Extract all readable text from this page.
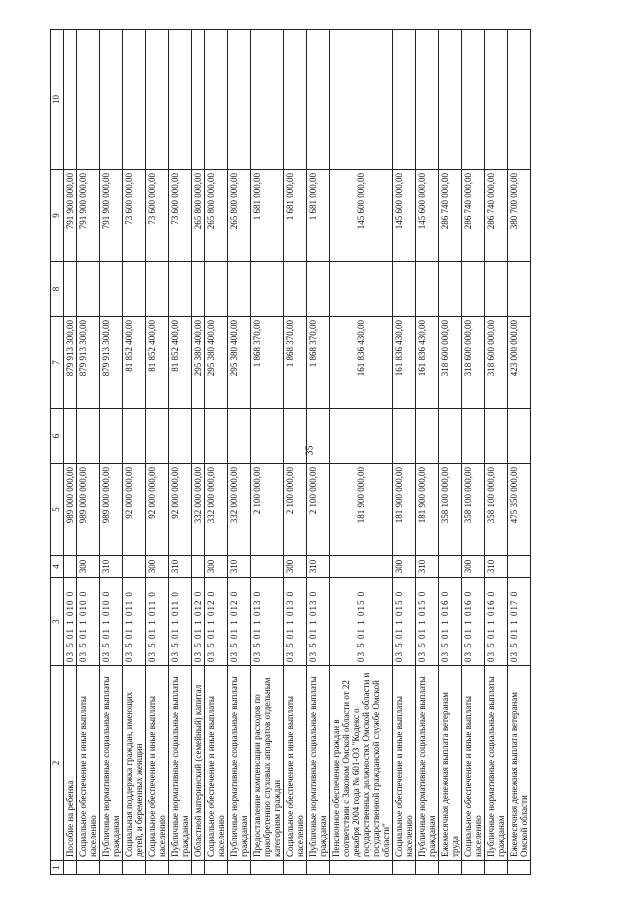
35
1	2	3	4	5	6	7	8	9	10
	Пособие на ребенка	03 5 01 1 010 0		989 000 000,00		879 913 300,00		791 900 000,00	
	Социальное обеспечение и иные выплаты населению	03 5 01 1 010 0	300	989 000 000,00		879 913 300,00		791 900 000,00	
	Публичные нормативные социальные выплаты гражданам	03 5 01 1 010 0	310	989 000 000,00		879 913 300,00		791 900 000,00	
	Социальная поддержка граждан, имеющих детей, и беременных женщин	03 5 01 1 011 0		92 000 000,00		81 852 400,00		73 600 000,00	
	Социальное обеспечение и иные выплаты населению	03 5 01 1 011 0	300	92 000 000,00		81 852 400,00		73 600 000,00	
	Публичные нормативные социальные выплаты гражданам	03 5 01 1 011 0	310	92 000 000,00		81 852 400,00		73 600 000,00	
	Областной материнский (семейный) капитал	03 5 01 1 012 0		332 000 000,00		295 380 400,00		265 800 000,00	
	Социальное обеспечение и иные выплаты населению	03 5 01 1 012 0	300	332 000 000,00		295 380 400,00		265 800 000,00	
	Публичные нормативные социальные выплаты гражданам	03 5 01 1 012 0	310	332 000 000,00		295 380 400,00		265 800 000,00	
	Предоставление компенсации расходов по приобретению слуховых аппаратов отдельным категориям граждан	03 5 01 1 013 0		2 100 000,00		1 868 370,00		1 681 000,00	
	Социальное обеспечение и иные выплаты населению	03 5 01 1 013 0	300	2 100 000,00		1 868 370,00		1 681 000,00	
	Публичные нормативные социальные выплаты гражданам	03 5 01 1 013 0	310	2 100 000,00		1 868 370,00		1 681 000,00	
	Пенсионное обеспечение граждан в соответствии с Законом Омской области от 22 декабря 2004 года № 601-ОЗ "Кодекс о государственных должностях Омской области и государственной гражданской службе Омской области"	03 5 01 1 015 0		181 900 000,00		161 836 430,00		145 600 000,00	
	Социальное обеспечение и иные выплаты населению	03 5 01 1 015 0	300	181 900 000,00		161 836 430,00		145 600 000,00	
	Публичные нормативные социальные выплаты гражданам	03 5 01 1 015 0	310	181 900 000,00		161 836 430,00		145 600 000,00	
	Ежемесячная денежная выплата ветеранам труда	03 5 01 1 016 0		358 100 000,00		318 600 000,00		286 740 000,00	
	Социальное обеспечение и иные выплаты населению	03 5 01 1 016 0	300	358 100 000,00		318 600 000,00		286 740 000,00	
	Публичные нормативные социальные выплаты гражданам	03 5 01 1 016 0	310	358 100 000,00		318 600 000,00		286 740 000,00	
	Ежемесячная денежная выплата ветеранам Омской области	03 5 01 1 017 0		475 350 000,00		423 000 000,00		380 700 000,00	
